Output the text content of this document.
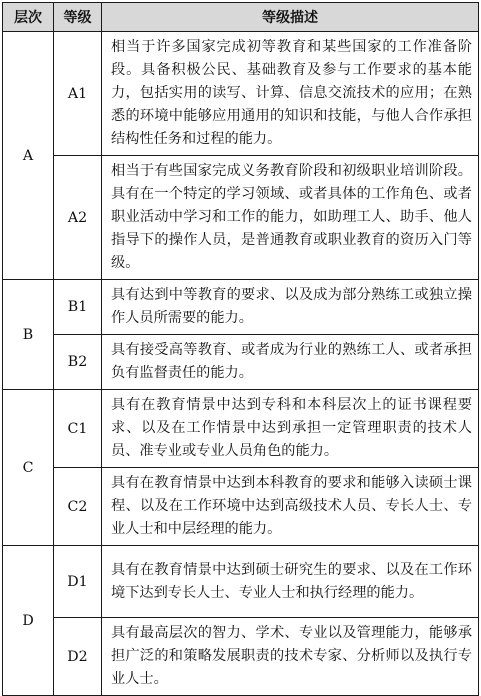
层次	等级	等级描述
A	A1	相当于许多国家完成初等教育和某些国家的工作准备阶段。具备积极公民、基础教育及参与工作要求的基本能力，包括实用的读写、计算、信息交流技术的应用；在熟悉的环境中能够应用通用的知识和技能，与他人合作承担结构性任务和过程的能力。
	A2	相当于有些国家完成义务教育阶段和初级职业培训阶段。具有在一个特定的学习领域、或者具体的工作角色、或者职业活动中学习和工作的能力，如助理工人、助手、他人指导下的操作人员，是普通教育或职业教育的资历入门等级。
B	B1	具有达到中等教育的要求、以及成为部分熟练工或独立操作人员所需要的能力。
	B2	具有接受高等教育、或者成为行业的熟练工人、或者承担负有监督责任的能力。
C	C1	具有在教育情景中达到专科和本科层次上的证书课程要求、以及在工作情景中达到承担一定管理职责的技术人员、准专业或专业人员角色的能力。
	C2	具有在教育情景中达到本科教育的要求和能够入读硕士课程、以及在工作环境中达到高级技术人员、专长人士、专业人士和中层经理的能力。
D	D1	具有在教育情景中达到硕士研究生的要求、以及在工作环境下达到专长人士、专业人士和执行经理的能力。
	D2	具有最高层次的智力、学术、专业以及管理能力，能够承担广泛的和策略发展职责的技术专家、分析师以及执行专业人士。
